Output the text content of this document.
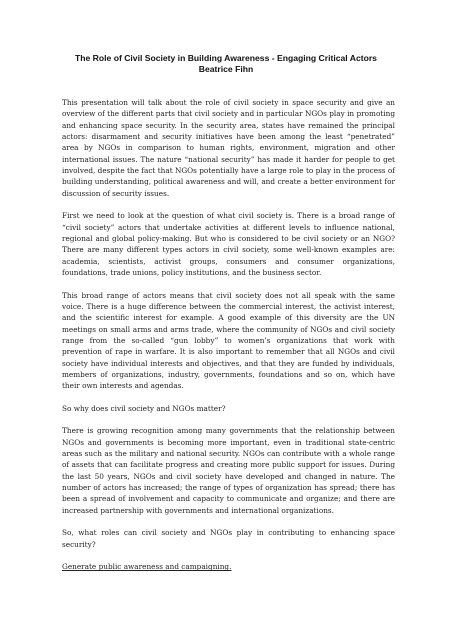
The Role of Civil Society in Building Awareness - Engaging Critical Actors
Beatrice Fihn

This presentation will talk about the role of civil society in space security and give an overview of the different parts that civil society and in particular NGOs play in promoting and enhancing space security. In the security area, states have remained the principal actors: disarmament and security initiatives have been among the least “penetrated” area by NGOs in comparison to human rights, environment, migration and other international issues. The nature “national security” has made it harder for people to get involved, despite the fact that NGOs potentially have a large role to play in the process of building understanding, political awareness and will, and create a better environment for discussion of security issues.

First we need to look at the question of what civil society is. There is a broad range of “civil society” actors that undertake activities at different levels to influence national, regional and global policy-making. But who is considered to be civil society or an NGO? There are many different types actors in civil society, some well-known examples are: academia, scientists, activist groups, consumers and consumer organizations, foundations, trade unions, policy institutions, and the business sector.

This broad range of actors means that civil society does not all speak with the same voice. There is a huge difference between the commercial interest, the activist interest, and the scientific interest for example. A good example of this diversity are the UN meetings on small arms and arms trade, where the community of NGOs and civil society range from the so-called “gun lobby” to women’s organizations that work with prevention of rape in warfare. It is also important to remember that all NGOs and civil society have individual interests and objectives, and that they are funded by individuals, members of organizations, industry, governments, foundations and so on, which have their own interests and agendas.

So why does civil society and NGOs matter?

There is growing recognition among many governments that the relationship between NGOs and governments is becoming more important, even in traditional state-centric areas such as the military and national security. NGOs can contribute with a whole range of assets that can facilitate progress and creating more public support for issues. During the last 50 years, NGOs and civil society have developed and changed in nature. The number of actors has increased; the range of types of organization has spread; there has been a spread of involvement and capacity to communicate and organize; and there are increased partnership with governments and international organizations.

So, what roles can civil society and NGOs play in contributing to enhancing space security?

Generate public awareness and campaigning.
